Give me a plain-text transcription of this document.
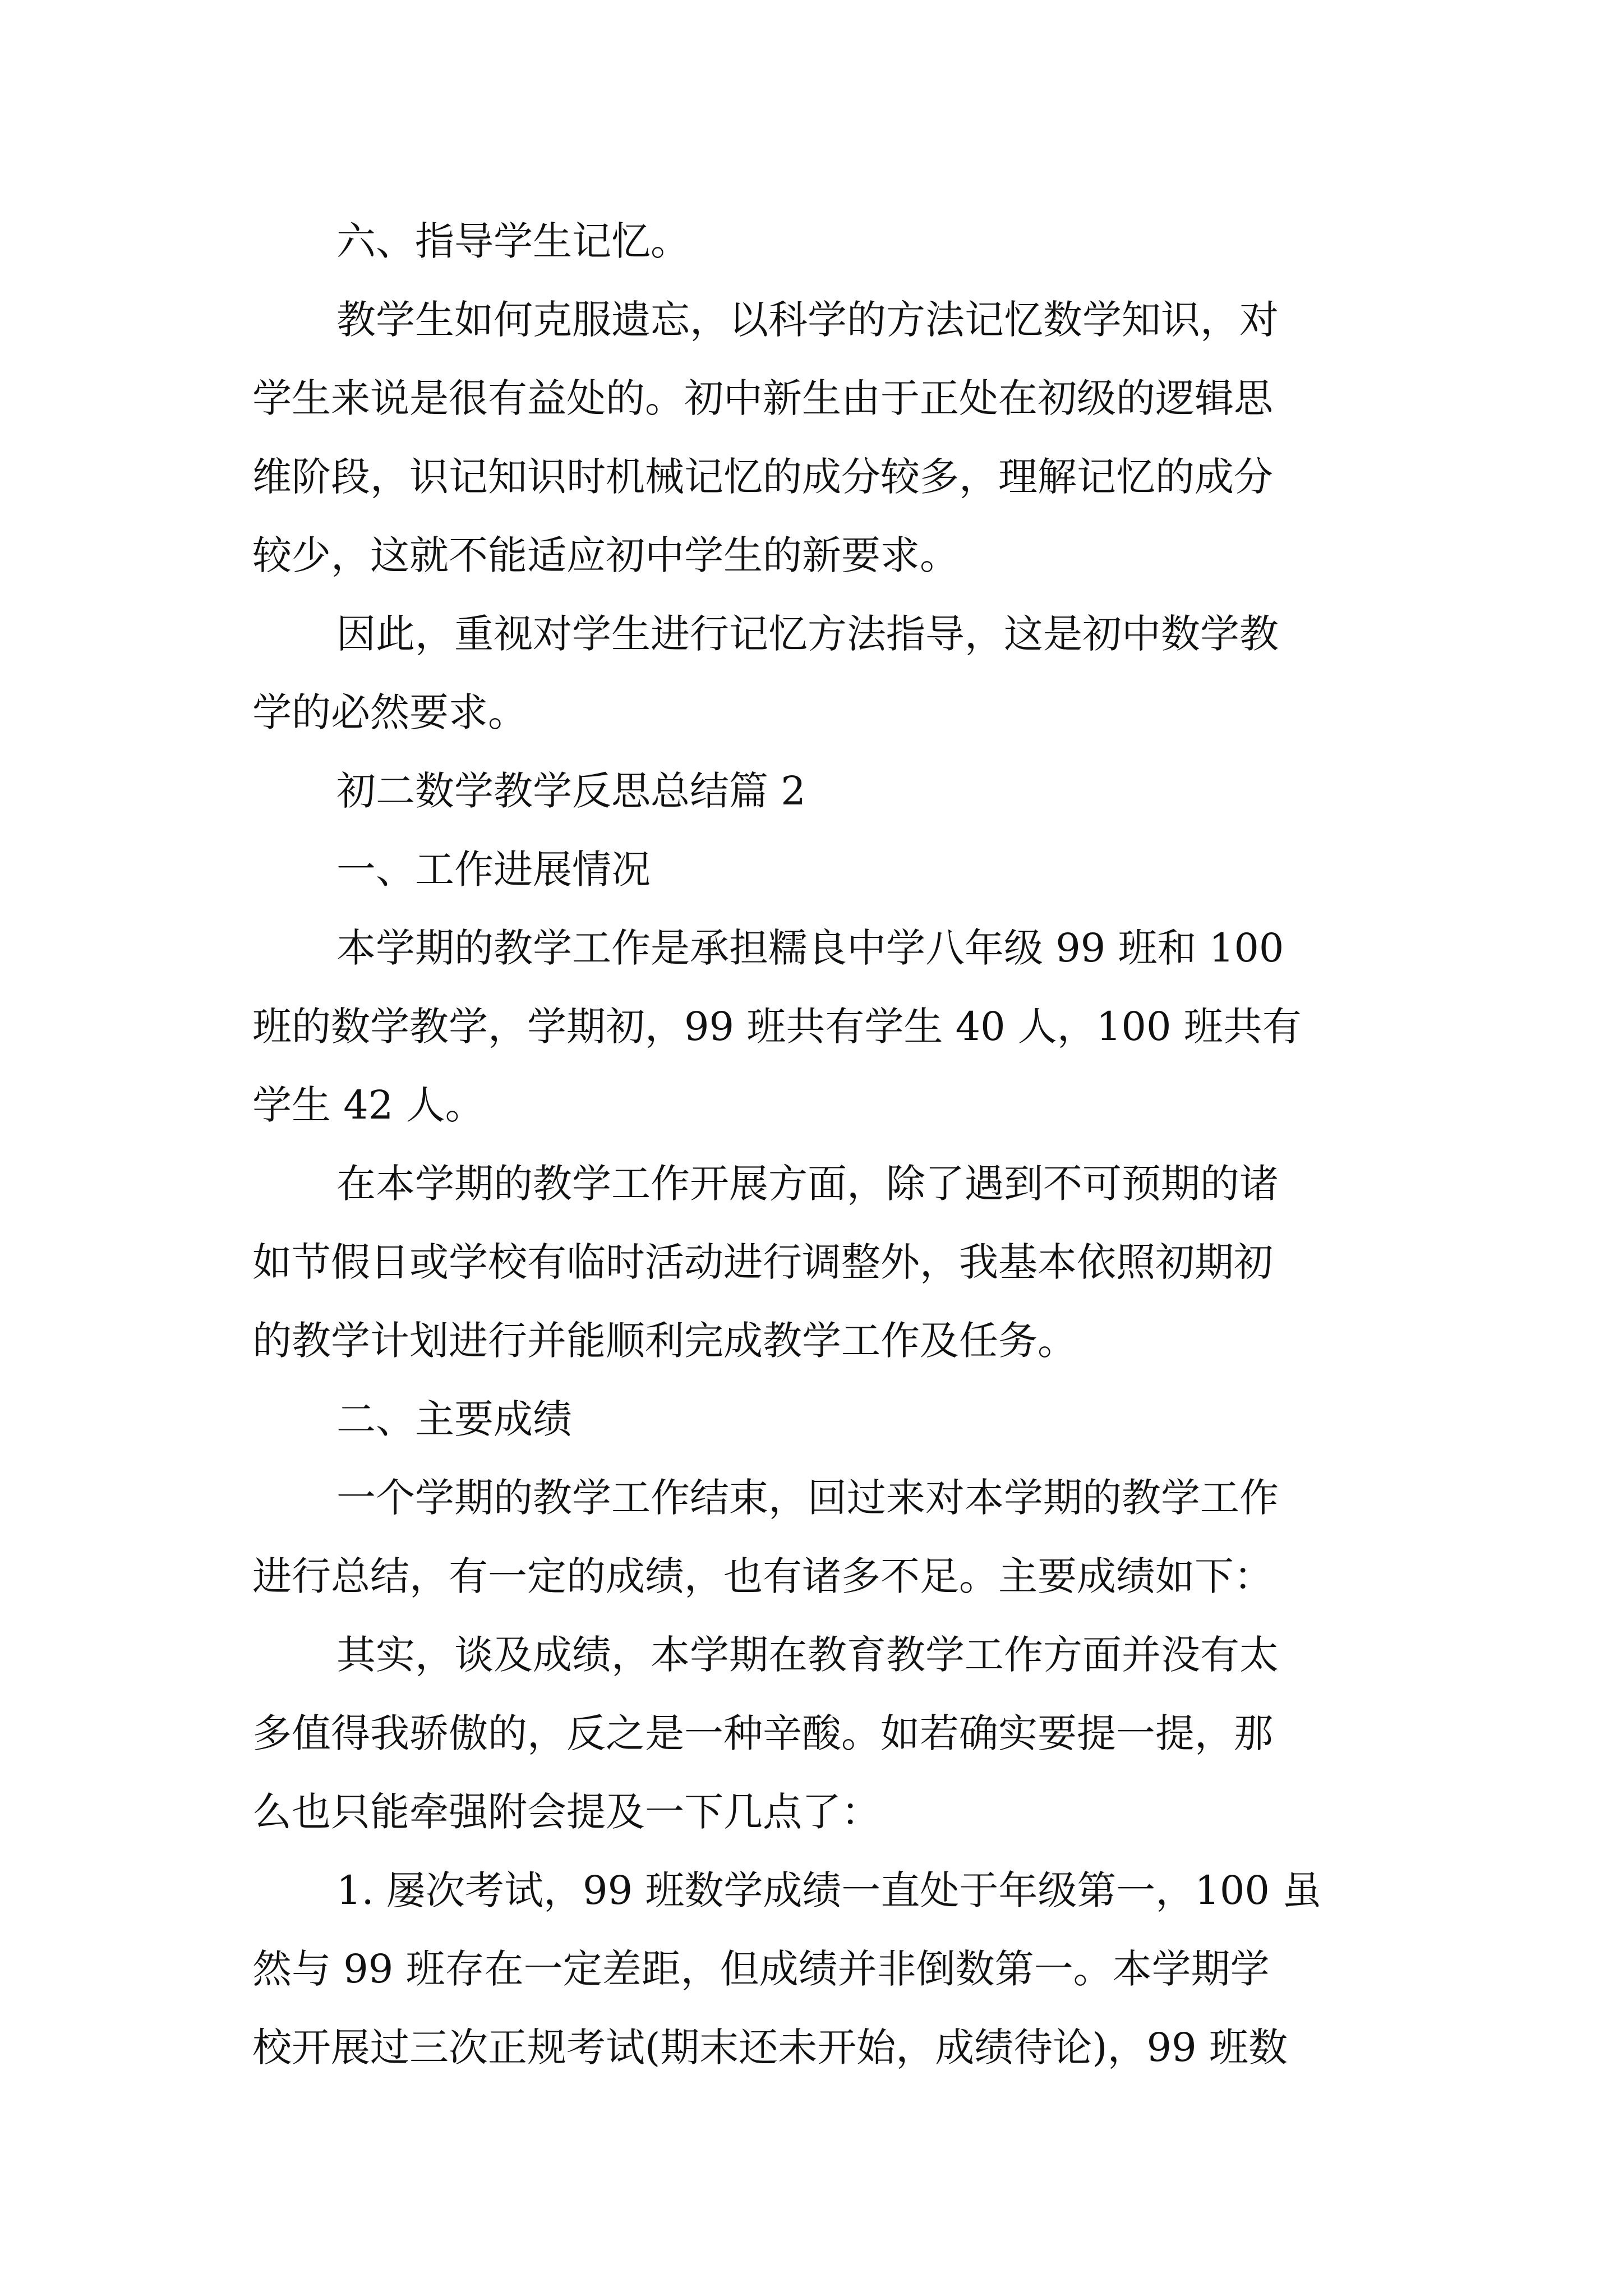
六、指导学生记忆。
教学生如何克服遗忘，以科学的方法记忆数学知识，对
学生来说是很有益处的。初中新生由于正处在初级的逻辑思
维阶段，识记知识时机械记忆的成分较多，理解记忆的成分
较少，这就不能适应初中学生的新要求。
因此，重视对学生进行记忆方法指导，这是初中数学教
学的必然要求。
初二数学教学反思总结篇 2
一、工作进展情况
本学期的教学工作是承担糯良中学八年级 99 班和 100
班的数学教学，学期初，99 班共有学生 40 人，100 班共有
学生 42 人。
在本学期的教学工作开展方面，除了遇到不可预期的诸
如节假日或学校有临时活动进行调整外，我基本依照初期初
的教学计划进行并能顺利完成教学工作及任务。
二、主要成绩
一个学期的教学工作结束，回过来对本学期的教学工作
进行总结，有一定的成绩，也有诸多不足。主要成绩如下：
其实，谈及成绩，本学期在教育教学工作方面并没有太
多值得我骄傲的，反之是一种辛酸。如若确实要提一提，那
么也只能牵强附会提及一下几点了：
1. 屡次考试，99 班数学成绩一直处于年级第一，100 虽
然与 99 班存在一定差距，但成绩并非倒数第一。本学期学
校开展过三次正规考试(期末还未开始，成绩待论)，99 班数
